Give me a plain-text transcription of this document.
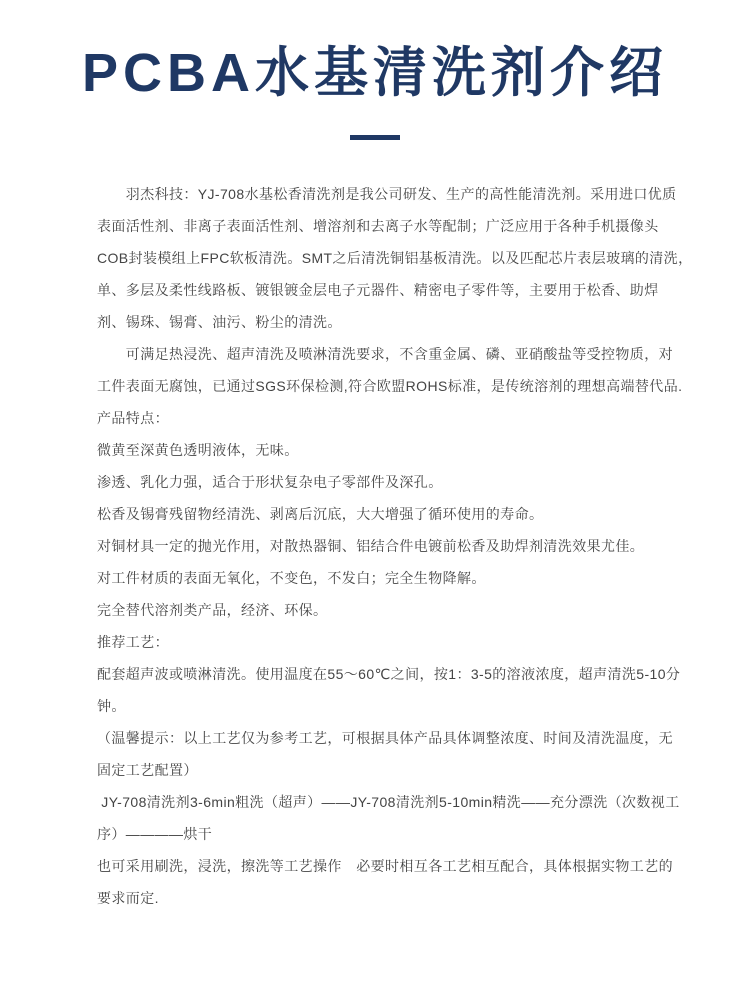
PCBA水基清洗剂介绍
—
　　羽杰科技：YJ-708水基松香清洗剂是我公司研发、生产的高性能清洗剂。采用进口优质
表面活性剂、非离子表面活性剂、增溶剂和去离子水等配制；广泛应用于各种手机摄像头
COB封装模组上FPC软板清洗。SMT之后清洗铜铝基板清洗。以及匹配芯片表层玻璃的清洗，
单、多层及柔性线路板、镀银镀金层电子元器件、精密电子零件等，主要用于松香、助焊
剂、锡珠、锡膏、油污、粉尘的清洗。
　　可满足热浸洗、超声清洗及喷淋清洗要求，不含重金属、磷、亚硝酸盐等受控物质，对
工件表面无腐蚀，已通过SGS环保检测,符合欧盟ROHS标准，是传统溶剂的理想高端替代品.
产品特点：
微黄至深黄色透明液体，无味。
渗透、乳化力强，适合于形状复杂电子零部件及深孔。
松香及锡膏残留物经清洗、剥离后沉底，大大增强了循环使用的寿命。
对铜材具一定的抛光作用，对散热器铜、铝结合件电镀前松香及助焊剂清洗效果尤佳。
对工件材质的表面无氧化，不变色，不发白；完全生物降解。
完全替代溶剂类产品，经济、环保。
推荐工艺：
配套超声波或喷淋清洗。使用温度在55～60℃之间，按1：3-5的溶液浓度，超声清洗5-10分
钟。
（温馨提示：以上工艺仅为参考工艺，可根据具体产品具体调整浓度、时间及清洗温度，无
固定工艺配置）
JY-708清洗剂3-6min粗洗（超声）——JY-708清洗剂5-10min精洗——充分漂洗（次数视工
序）————烘干
也可采用刷洗，浸洗，擦洗等工艺操作　必要时相互各工艺相互配合，具体根据实物工艺的
要求而定.
